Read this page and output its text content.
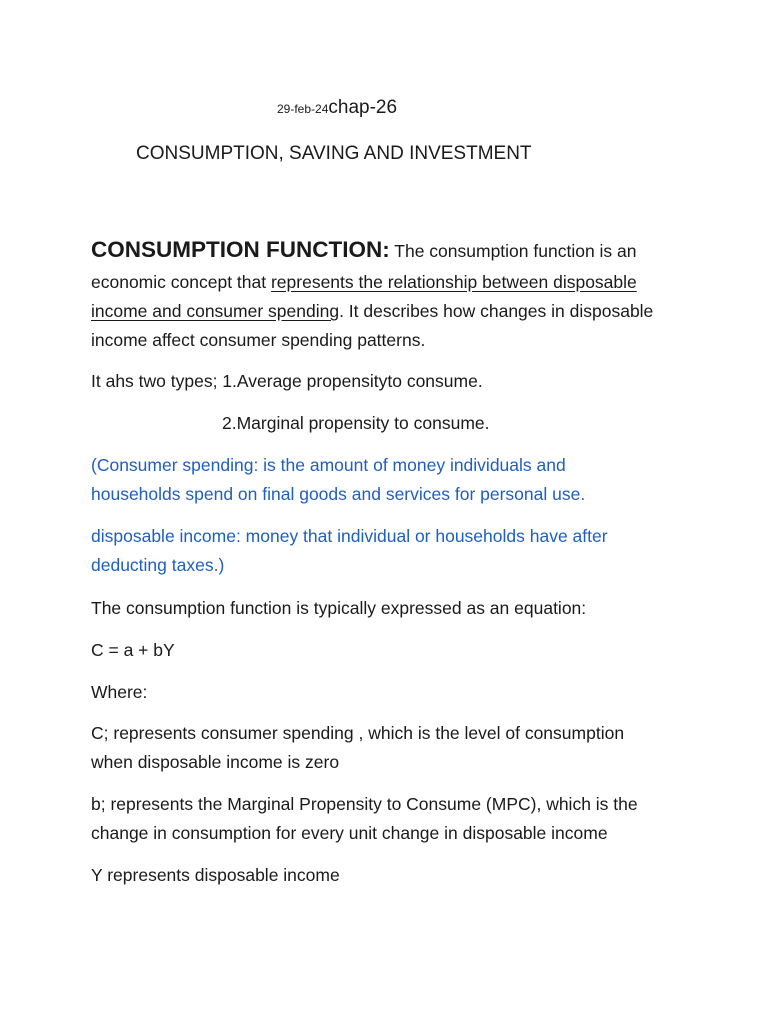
29-feb-24chap-26
CONSUMPTION, SAVING AND INVESTMENT
CONSUMPTION FUNCTION: The consumption function is an
economic concept that represents the relationship between disposable
income and consumer spending. It describes how changes in disposable
income affect consumer spending patterns.
It ahs two types; 1.Average propensityto consume.
2.Marginal propensity to consume.
(Consumer spending: is the amount of money individuals and
households spend on final goods and services for personal use.
disposable income: money that individual or households have after
deducting taxes.)
The consumption function is typically expressed as an equation:
C = a + bY
Where:
C; represents consumer spending , which is the level of consumption
when disposable income is zero
b; represents the Marginal Propensity to Consume (MPC), which is the
change in consumption for every unit change in disposable income
Y represents disposable income
